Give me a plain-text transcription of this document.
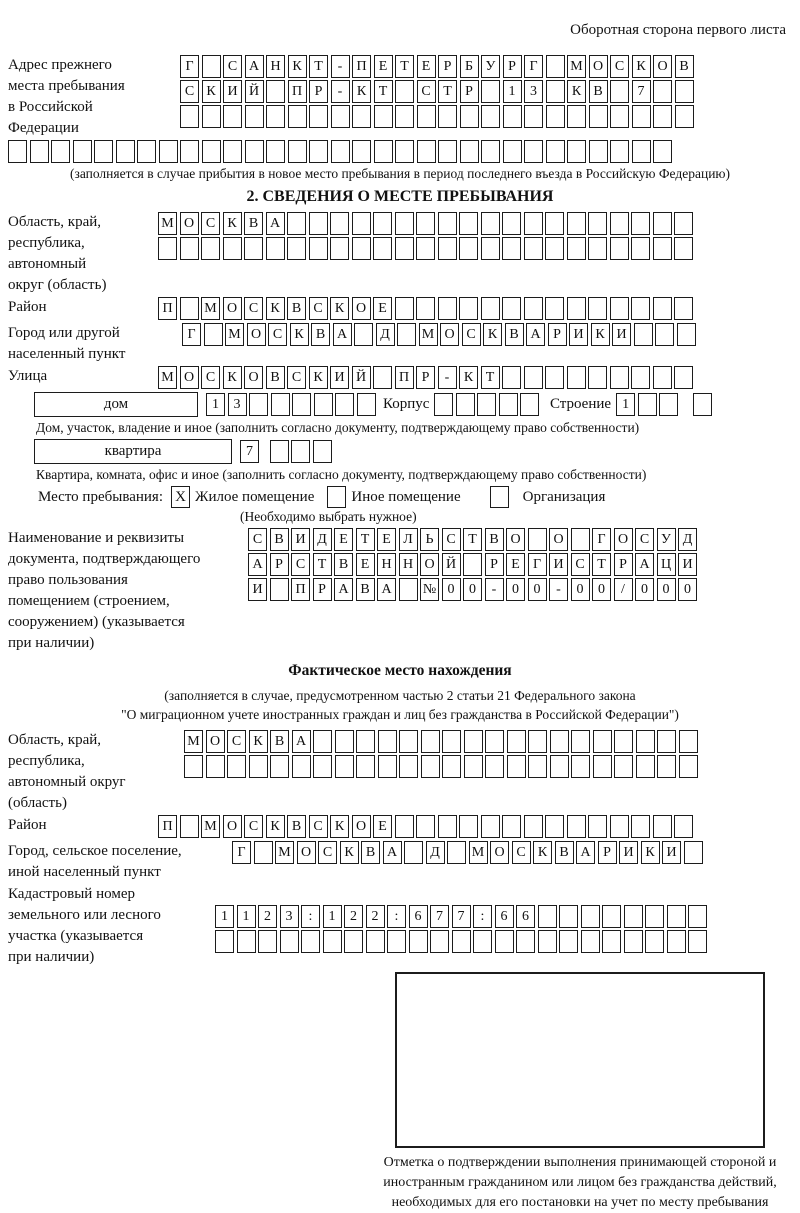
Оборотная сторона первого листа
Адрес прежнего
места пребывания
в Российской
Федерации
Г	С А Н К Т	-	П Е Т Е Р Б У Р Г	М О С К О В
С К И Й	П Р	-	К Т	С Т Р	1	3	К В	7
(заполняется в случае прибытия в новое место пребывания в период последнего въезда в Российскую Федерацию)
2. СВЕДЕНИЯ О МЕСТЕ ПРЕБЫВАНИЯ
Область, край,
республика,
автономный
округ (область)
М О С К В А
Район	П	М О С К В С К О Е
Город или другой
населенный пункт
Г	М О С К В А	Д	М О С К В А Р И К И
Улица	М О С К О В С К И Й	П Р	-	К Т
дом	1	3	Корпус	Строение 1
Дом, участок, владение и иное (заполнить согласно документу, подтверждающему право собственности)
квартира	7
Квартира, комната, офис и иное (заполнить согласно документу, подтверждающему право собственности)
Место пребывания: X Жилое помещение Иное помещение	Организация
(Необходимо выбрать нужное)
Наименование и реквизиты
документа, подтверждающего
право пользования
помещением (строением,
сооружением) (указывается
при наличии)
С В И Д Е Т Е Л Ь С Т В О	О	Г О С У Д
А Р С Т В Е Н Н О Й	Р Е Г И С Т Р А Ц И
И	П Р А В А	№ 0	0	-	0	0	-	0	0	/	0	0	0
Фактическое место нахождения
(заполняется в случае, предусмотренном частью 2 статьи 21 Федерального закона
"О миграционном учете иностранных граждан и лиц без гражданства в Российской Федерации")
Область, край,
республика,
автономный округ
(область)
М О С К В А
Район	П	М О С К В С К О Е
Город, сельское поселение,
иной населенный пункт
Г	М О С К В А	Д	М О С К В А Р И К И
Кадастровый номер
земельного или лесного
участка (указывается
при наличии)
1	1	2	3	:	1	2	2	:	6	7	7	:	6	6
Отметка о подтверждении выполнения принимающей стороной и иностранным гражданином или лицом без гражданства действий, необходимых для его постановки на учет по месту пребывания
